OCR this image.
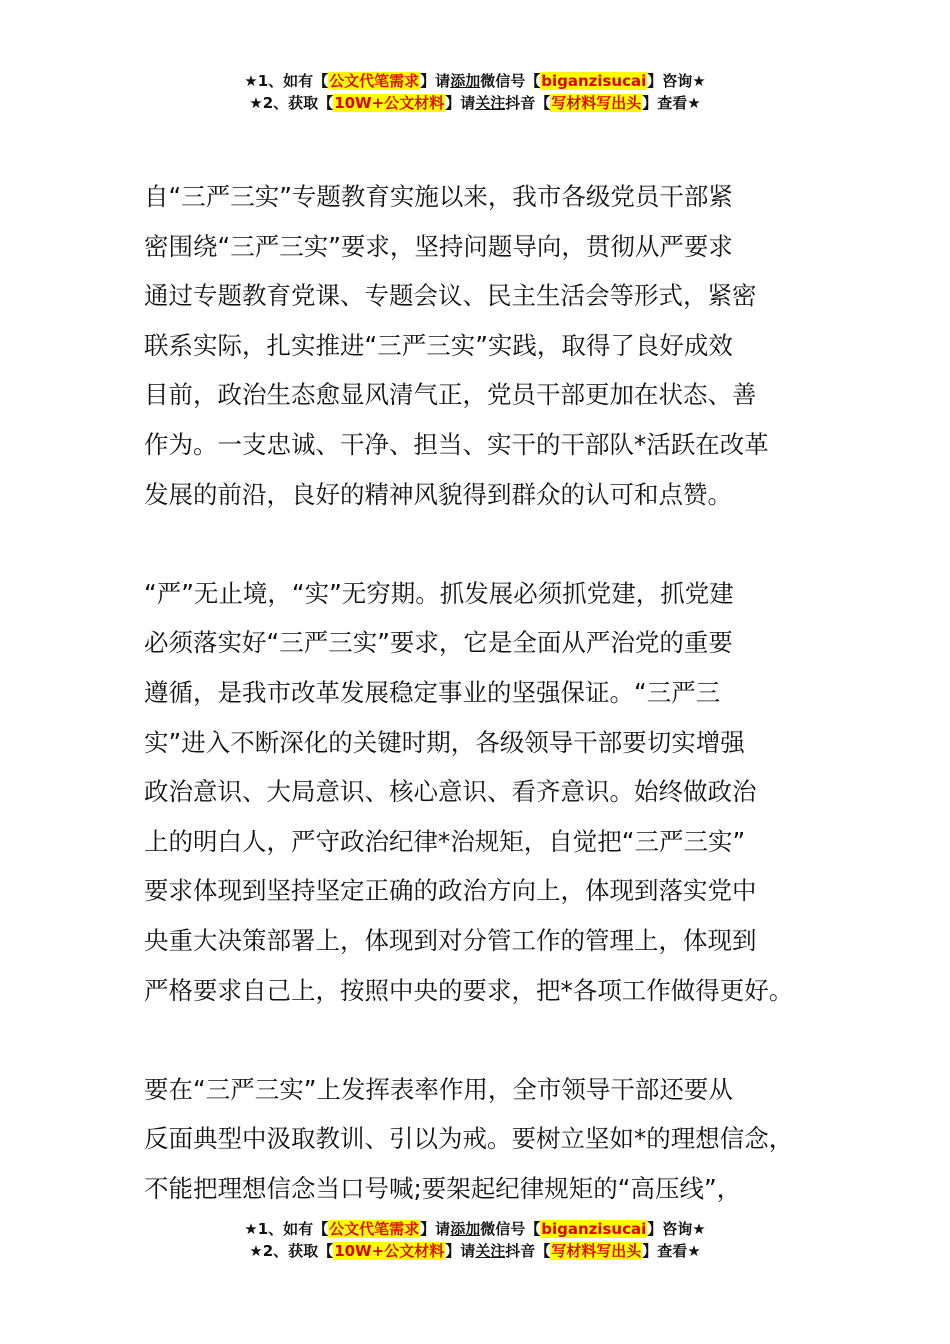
★1、如有【公文代笔需求】请添加微信号【biganzisucai】咨询★
★2、获取【10W+公文材料】请关注抖音【写材料写出头】查看★
自“三严三实”专题教育实施以来，我市各级党员干部紧
密围绕“三严三实”要求，坚持问题导向，贯彻从严要求
通过专题教育党课、专题会议、民主生活会等形式，紧密
联系实际，扎实推进“三严三实”实践，取得了良好成效
目前，政治生态愈显风清气正，党员干部更加在状态、善
作为。一支忠诚、干净、担当、实干的干部队*活跃在改革
发展的前沿，良好的精神风貌得到群众的认可和点赞。
“严”无止境，“实”无穷期。抓发展必须抓党建，抓党建
必须落实好“三严三实”要求，它是全面从严治党的重要
遵循，是我市改革发展稳定事业的坚强保证。“三严三
实”进入不断深化的关键时期，各级领导干部要切实增强
政治意识、大局意识、核心意识、看齐意识。始终做政治
上的明白人，严守政治纪律*治规矩，自觉把“三严三实”
要求体现到坚持坚定正确的政治方向上，体现到落实党中
央重大决策部署上，体现到对分管工作的管理上，体现到
严格要求自己上，按照中央的要求，把*各项工作做得更好。
要在“三严三实”上发挥表率作用，全市领导干部还要从
反面典型中汲取教训、引以为戒。要树立坚如*的理想信念，
不能把理想信念当口号喊;要架起纪律规矩的“高压线”，
★1、如有【公文代笔需求】请添加微信号【biganzisucai】咨询★
★2、获取【10W+公文材料】请关注抖音【写材料写出头】查看★
